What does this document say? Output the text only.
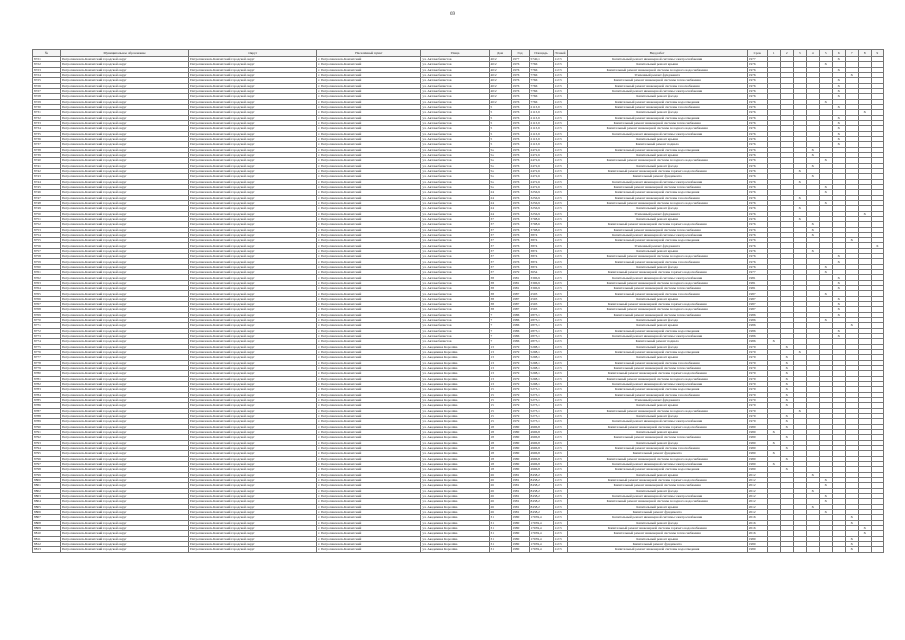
69
№	Муниципальное образование	Округ	Населённый пункт	Улица	Дом	Год	Площадь	Этажей	Вид работ	Срок	1	2	3	4	5	6	7	8	9
8721	Петропавловск-Камчатский городской округ	Петропавловск-Камчатский городской округ	г. Петропавловск-Камчатский	ул. Автомобилистов	40/2	1977	5740,1	1/2/3	Капитальный ремонт инженерной системы электроснабжения	1977						X			
8722	Петропавловск-Камчатский городской округ	Петропавловск-Камчатский городской округ	г. Петропавловск-Камчатский	ул. Автомобилистов	40/2	1976	7766	1/2/3	Капитальный ремонт крыши	1976					X				
8723	Петропавловск-Камчатский городской округ	Петропавловск-Камчатский городской округ	г. Петропавловск-Камчатский	ул. Автомобилистов	40/2	1976	7766	1/2/3	Капитальный ремонт инженерной системы холодного водоснабжения	1976						X			
8724	Петропавловск-Камчатский городской округ	Петропавловск-Камчатский городской округ	г. Петропавловск-Камчатский	ул. Автомобилистов	40/2	1976	7766	1/2/3	Усиленный ремонт фундамента	1976							X		
8725	Петропавловск-Камчатский городской округ	Петропавловск-Камчатский городской округ	г. Петропавловск-Камчатский	ул. Автомобилистов	40/2	1976	7766	1/2/3	Капитальный ремонт инженерной системы теплоснабжения	1976						X			
8726	Петропавловск-Камчатский городской округ	Петропавловск-Камчатский городской округ	г. Петропавловск-Камчатский	ул. Автомобилистов	40/2	1976	7766	1/2/3	Капитальный ремонт инженерной системы газоснабжения	1976						X			
8727	Петропавловск-Камчатский городской округ	Петропавловск-Камчатский городской округ	г. Петропавловск-Камчатский	ул. Автомобилистов	40/2	1976	7766	1/2/3	Капитальный ремонт инженерной системы электроснабжения	1976						X			
8728	Петропавловск-Камчатский городской округ	Петропавловск-Камчатский городской округ	г. Петропавловск-Камчатский	ул. Автомобилистов	40/2	1976	7766	1/2/3	Капитальный ремонт фасада	1976						X			
8729	Петропавловск-Камчатский городской округ	Петропавловск-Камчатский городской округ	г. Петропавловск-Камчатский	ул. Автомобилистов	40/2	1976	7766	1/2/3	Капитальный ремонт инженерной системы водоотведения	1976					X				
8730	Петропавловск-Камчатский городской округ	Петропавловск-Камчатский городской округ	г. Петропавловск-Камчатский	ул. Автомобилистов	5	1976	2113,9	1/2/3	Капитальный ремонт инженерной системы газоснабжения	1976						X			
8731	Петропавловск-Камчатский городской округ	Петропавловск-Камчатский городской округ	г. Петропавловск-Камчатский	ул. Автомобилистов	5	1976	2113,9	1/2/3	Капитальный ремонт фасада	1976								X	
8732	Петропавловск-Камчатский городской округ	Петропавловск-Камчатский городской округ	г. Петропавловск-Камчатский	ул. Автомобилистов	5	1976	2113,9	1/2/3	Капитальный ремонт инженерной системы водоотведения	1976						X			
8733	Петропавловск-Камчатский городской округ	Петропавловск-Камчатский городской округ	г. Петропавловск-Камчатский	ул. Автомобилистов	5	1976	2113,9	1/2/3	Капитальный ремонт инженерной системы теплоснабжения	1976						X			
8734	Петропавловск-Камчатский городской округ	Петропавловск-Камчатский городской округ	г. Петропавловск-Камчатский	ул. Автомобилистов	5	1976	2113,9	1/2/3	Капитальный ремонт инженерной системы холодного водоснабжения	1976						X			
8735	Петропавловск-Камчатский городской округ	Петропавловск-Камчатский городской округ	г. Петропавловск-Камчатский	ул. Автомобилистов	5	1976	2113,9	1/2/3	Капитальный ремонт инженерной системы электроснабжения	1976						X			
8736	Петропавловск-Камчатский городской округ	Петропавловск-Камчатский городской округ	г. Петропавловск-Камчатский	ул. Автомобилистов	5	1976	2113,9	1/2/3	Капитальный ремонт крыши	1976						X			
8737	Петропавловск-Камчатский городской округ	Петропавловск-Камчатский городской округ	г. Петропавловск-Камчатский	ул. Автомобилистов	5	1976	2113,9	1/2/3	Капитальный ремонт подвала	1976						X			
8738	Петропавловск-Камчатский городской округ	Петропавловск-Камчатский городской округ	г. Петропавловск-Камчатский	ул. Автомобилистов	5а	1976	2472,6	1/2/3	Капитальный ремонт инженерной системы водоотведения	1976				X					
8739	Петропавловск-Камчатский городской округ	Петропавловск-Камчатский городской округ	г. Петропавловск-Камчатский	ул. Автомобилистов	5а	1976	2472,6	1/2/3	Капитальный ремонт крыши	1976				X					
8740	Петропавловск-Камчатский городской округ	Петропавловск-Камчатский городской округ	г. Петропавловск-Камчатский	ул. Автомобилистов	5а	1976	2472,6	1/2/3	Капитальный ремонт инженерной системы холодного водоснабжения	1976					X				
8741	Петропавловск-Камчатский городской округ	Петропавловск-Камчатский городской округ	г. Петропавловск-Камчатский	ул. Автомобилистов	5а	1976	2472,6	1/2/3	Капитальный ремонт фасада	1976				X					
8742	Петропавловск-Камчатский городской округ	Петропавловск-Камчатский городской округ	г. Петропавловск-Камчатский	ул. Автомобилистов	5а	1976	2472,6	1/2/3	Капитальный ремонт инженерной системы горячего водоснабжения	1976			X						
8743	Петропавловск-Камчатский городской округ	Петропавловск-Камчатский городской округ	г. Петропавловск-Камчатский	ул. Автомобилистов	5а	1976	2472,6	1/2/3	Капитальный ремонт фундамента	1976				X					
8744	Петропавловск-Камчатский городской округ	Петропавловск-Камчатский городской округ	г. Петропавловск-Камчатский	ул. Автомобилистов	5а	1976	2472,6	1/2/3	Капитальный ремонт инженерной системы электроснабжения	1976			X						
8745	Петропавловск-Камчатский городской округ	Петропавловск-Камчатский городской округ	г. Петропавловск-Камчатский	ул. Автомобилистов	5а	1976	2472,6	1/2/3	Капитальный ремонт инженерной системы теплоснабжения	1976					X				
8746	Петропавловск-Камчатский городской округ	Петропавловск-Камчатский городской округ	г. Петропавловск-Камчатский	ул. Автомобилистов	24	1976	3256,9	1/2/3	Капитальный ремонт инженерной системы водоотведения	1976					X				
8747	Петропавловск-Камчатский городской округ	Петропавловск-Камчатский городской округ	г. Петропавловск-Камчатский	ул. Автомобилистов	24	1976	3256,9	1/2/3	Капитальный ремонт инженерной системы газоснабжения	1976			X						
8748	Петропавловск-Камчатский городской округ	Петропавловск-Камчатский городской округ	г. Петропавловск-Камчатский	ул. Автомобилистов	24	1976	3256,9	1/2/3	Капитальный ремонт инженерной системы холодного водоснабжения	1976					X				
8749	Петропавловск-Камчатский городской округ	Петропавловск-Камчатский городской округ	г. Петропавловск-Камчатский	ул. Автомобилистов	24	1976	3256,9	1/2/3	Капитальный ремонт фасада	1976			X						
8750	Петропавловск-Камчатский городской округ	Петропавловск-Камчатский городской округ	г. Петропавловск-Камчатский	ул. Автомобилистов	24	1976	3256,9	1/2/3	Усиленный ремонт фундамента	1976								X	
8751	Петропавловск-Камчатский городской округ	Петропавловск-Камчатский городской округ	г. Петропавловск-Камчатский	ул. Автомобилистов	37	1976	3798,6	1/2/3	Капитальный ремонт крыши	1976			X						
8752	Петропавловск-Камчатский городской округ	Петропавловск-Камчатский городской округ	г. Петропавловск-Камчатский	ул. Автомобилистов	37	1976	3798,6	1/2/3	Капитальный ремонт инженерной системы горячего водоснабжения	1976				X					
8753	Петропавловск-Камчатский городской округ	Петропавловск-Камчатский городской округ	г. Петропавловск-Камчатский	ул. Автомобилистов	37	1976	3798,6	1/2/3	Капитальный ремонт инженерной системы теплоснабжения	1976				X					
8754	Петропавловск-Камчатский городской округ	Петропавловск-Камчатский городской округ	г. Петропавловск-Камчатский	ул. Автомобилистов	37	1976	3874	1/2/3	Капитальный ремонт инженерной системы электроснабжения	1976				X					
8755	Петропавловск-Камчатский городской округ	Петропавловск-Камчатский городской округ	г. Петропавловск-Камчатский	ул. Автомобилистов	37	1976	3874	1/2/3	Капитальный ремонт инженерной системы водоотведения	1976							X		
8756	Петропавловск-Камчатский городской округ	Петропавловск-Камчатский городской округ	г. Петропавловск-Камчатский	ул. Автомобилистов	37	1976	3874	1/2/3	Усиленный ремонт фундамента	1976									X
8757	Петропавловск-Камчатский городской округ	Петропавловск-Камчатский городской округ	г. Петропавловск-Камчатский	ул. Автомобилистов	37	1976	3874	1/2/3	Капитальный ремонт крыши	1976				X					
8758	Петропавловск-Камчатский городской округ	Петропавловск-Камчатский городской округ	г. Петропавловск-Камчатский	ул. Автомобилистов	37	1976	3874	1/2/3	Капитальный ремонт инженерной системы холодного водоснабжения	1976						X			
8759	Петропавловск-Камчатский городской округ	Петропавловск-Камчатский городской округ	г. Петропавловск-Камчатский	ул. Автомобилистов	37	1976	3874	1/2/3	Капитальный ремонт инженерной системы газоснабжения	1976						X			
8760	Петропавловск-Камчатский городской округ	Петропавловск-Камчатский городской округ	г. Петропавловск-Камчатский	ул. Автомобилистов	37	1976	3874	1/2/3	Капитальный ремонт фасада	1976					X				
8761	Петропавловск-Камчатский городской округ	Петропавловск-Камчатский городской округ	г. Петропавловск-Камчатский	ул. Автомобилистов	37	1979	3654	1/2/3	Капитальный ремонт инженерной системы горячего водоснабжения	1977					X				
8762	Петропавловск-Камчатский городской округ	Петропавловск-Камчатский городской округ	г. Петропавловск-Камчатский	ул. Автомобилистов	38	1981	3396,9	1/2/3	Капитальный ремонт инженерной системы электроснабжения	1981						X			
8763	Петропавловск-Камчатский городской округ	Петропавловск-Камчатский городской округ	г. Петропавловск-Камчатский	ул. Автомобилистов	38	1981	3396,9	1/2/3	Капитальный ремонт инженерной системы холодного водоснабжения	1981						X			
8764	Петропавловск-Камчатский городской округ	Петропавловск-Камчатский городской округ	г. Петропавловск-Камчатский	ул. Автомобилистов	38	1981	3396,9	1/2/3	Капитальный ремонт инженерной системы теплоснабжения	1981						X			
8765	Петропавловск-Камчатский городской округ	Петропавловск-Камчатский городской округ	г. Петропавловск-Камчатский	ул. Автомобилистов	38	1987	2503	1/2/3	Капитальный ремонт инженерной системы газоснабжения	1987					X				
8766	Петропавловск-Камчатский городской округ	Петропавловск-Камчатский городской округ	г. Петропавловск-Камчатский	ул. Автомобилистов	38	1987	2503	1/2/3	Капитальный ремонт крыши	1987						X			
8767	Петропавловск-Камчатский городской округ	Петропавловск-Камчатский городской округ	г. Петропавловск-Камчатский	ул. Автомобилистов	38	1987	2503	1/2/3	Капитальный ремонт инженерной системы горячего водоснабжения	1987						X			
8768	Петропавловск-Камчатский городской округ	Петропавловск-Камчатский городской округ	г. Петропавловск-Камчатский	ул. Автомобилистов	38	1987	2503	1/2/3	Капитальный ремонт инженерной системы холодного водоснабжения	1987						X			
8769	Петропавловск-Камчатский городской округ	Петропавловск-Камчатский городской округ	г. Петропавловск-Камчатский	ул. Автомобилистов	7	1986	2873,1	1/2/3	Капитальный ремонт инженерной системы теплоснабжения	1986						X			
8770	Петропавловск-Камчатский городской округ	Петропавловск-Камчатский городской округ	г. Петропавловск-Камчатский	ул. Автомобилистов	7	1986	2873,1	1/2/3	Капитальный ремонт фасада	1986					X				
8771	Петропавловск-Камчатский городской округ	Петропавловск-Камчатский городской округ	г. Петропавловск-Камчатский	ул. Автомобилистов	7	1986	2873,1	1/2/3	Капитальный ремонт крыши	1986							X		
8772	Петропавловск-Камчатский городской округ	Петропавловск-Камчатский городской округ	г. Петропавловск-Камчатский	ул. Автомобилистов	7	1986	2873,1	1/2/3	Капитальный ремонт инженерной системы водоотведения	1986						X			
8773	Петропавловск-Камчатский городской округ	Петропавловск-Камчатский городской округ	г. Петропавловск-Камчатский	ул. Автомобилистов	7	1986	2873,1	1/2/3	Капитальный ремонт инженерной системы электроснабжения	1986						X			
8774	Петропавловск-Камчатский городской округ	Петропавловск-Камчатский городской округ	г. Петропавловск-Камчатский	ул. Автомобилистов	7	1986	2873,1	1/2/3	Капитальный ремонт подвала	1986	X								
8775	Петропавловск-Камчатский городской округ	Петропавловск-Камчатский городской округ	г. Петропавловск-Камчатский	ул. Академика Королёва	13	1979	5298,1	1/2/3	Капитальный ремонт фасада	1979		X							
8776	Петропавловск-Камчатский городской округ	Петропавловск-Камчатский городской округ	г. Петропавловск-Камчатский	ул. Академика Королёва	13	1979	5298,1	1/2/3	Капитальный ремонт инженерной системы водоотведения	1979			X						
8777	Петропавловск-Камчатский городской округ	Петропавловск-Камчатский городской округ	г. Петропавловск-Камчатский	ул. Академика Королёва	13	1979	5298,1	1/2/3	Капитальный ремонт крыши	1979		X							
8778	Петропавловск-Камчатский городской округ	Петропавловск-Камчатский городской округ	г. Петропавловск-Камчатский	ул. Академика Королёва	13	1979	5298,1	1/2/3	Капитальный ремонт инженерной системы газоснабжения	1979		X							
8779	Петропавловск-Камчатский городской округ	Петропавловск-Камчатский городской округ	г. Петропавловск-Камчатский	ул. Академика Королёва	13	1979	5298,1	1/2/3	Капитальный ремонт инженерной системы теплоснабжения	1979		X							
8780	Петропавловск-Камчатский городской округ	Петропавловск-Камчатский городской округ	г. Петропавловск-Камчатский	ул. Академика Королёва	13	1979	5298,1	1/2/3	Капитальный ремонт инженерной системы горячего водоснабжения	1979		X							
8781	Петропавловск-Камчатский городской округ	Петропавловск-Камчатский городской округ	г. Петропавловск-Камчатский	ул. Академика Королёва	13	1979	5298,1	1/2/3	Капитальный ремонт инженерной системы холодного водоснабжения	1979		X							
8782	Петропавловск-Камчатский городской округ	Петропавловск-Камчатский городской округ	г. Петропавловск-Камчатский	ул. Академика Королёва	13	1979	5298,1	1/2/3	Капитальный ремонт инженерной системы электроснабжения	1979		X							
8783	Петропавловск-Камчатский городской округ	Петропавловск-Камчатский городской округ	г. Петропавловск-Камчатский	ул. Академика Королёва	15	1979	5273,1	1/2/3	Капитальный ремонт инженерной системы водоотведения	1979		X							
8784	Петропавловск-Камчатский городской округ	Петропавловск-Камчатский городской округ	г. Петропавловск-Камчатский	ул. Академика Королёва	15	1979	5273,1	1/2/3	Капитальный ремонт инженерной системы газоснабжения	1979		X							
8785	Петропавловск-Камчатский городской округ	Петропавловск-Камчатский городской округ	г. Петропавловск-Камчатский	ул. Академика Королёва	15	1979	5273,1	1/2/3	Усиленный ремонт фундамента	1979		X							
8786	Петропавловск-Камчатский городской округ	Петропавловск-Камчатский городской округ	г. Петропавловск-Камчатский	ул. Академика Королёва	15	1979	5273,1	1/2/3	Капитальный ремонт крыши	1979		X							
8787	Петропавловск-Камчатский городской округ	Петропавловск-Камчатский городской округ	г. Петропавловск-Камчатский	ул. Академика Королёва	15	1979	5273,1	1/2/3	Капитальный ремонт инженерной системы холодного водоснабжения	1979			X						
8788	Петропавловск-Камчатский городской округ	Петропавловск-Камчатский городской округ	г. Петропавловск-Камчатский	ул. Академика Королёва	15	1979	5273,1	1/2/3	Капитальный ремонт фасада	1979		X							
8789	Петропавловск-Камчатский городской округ	Петропавловск-Камчатский городской округ	г. Петропавловск-Камчатский	ул. Академика Королёва	15	1979	5273,1	1/2/3	Капитальный ремонт инженерной системы электроснабжения	1979		X							
8790	Петропавловск-Камчатский городской округ	Петропавловск-Камчатский городской округ	г. Петропавловск-Камчатский	ул. Академика Королёва	18	1980	4996,8	1/2/3	Капитальный ремонт инженерной системы горячего водоснабжения	1980		X							
8791	Петропавловск-Камчатский городской округ	Петропавловск-Камчатский городской округ	г. Петропавловск-Камчатский	ул. Академика Королёва	18	1980	4996,8	1/2/3	Капитальный ремонт крыши	1980	X								
8792	Петропавловск-Камчатский городской округ	Петропавловск-Камчатский городской округ	г. Петропавловск-Камчатский	ул. Академика Королёва	18	1980	4996,8	1/2/3	Капитальный ремонт инженерной системы теплоснабжения	1980		X							
8793	Петропавловск-Камчатский городской округ	Петропавловск-Камчатский городской округ	г. Петропавловск-Камчатский	ул. Академика Королёва	18	1980	4996,8	1/2/3	Капитальный ремонт фасада	1980	X								
8794	Петропавловск-Камчатский городской округ	Петропавловск-Камчатский городской округ	г. Петропавловск-Камчатский	ул. Академика Королёва	18	1980	4996,8	1/2/3	Капитальный ремонт инженерной системы газоснабжения	1980		X							
8795	Петропавловск-Камчатский городской округ	Петропавловск-Камчатский городской округ	г. Петропавловск-Камчатский	ул. Академика Королёва	18	1980	4996,8	1/2/3	Капитальный ремонт фундамента	1980	X								
8796	Петропавловск-Камчатский городской округ	Петропавловск-Камчатский городской округ	г. Петропавловск-Камчатский	ул. Академика Королёва	18	1980	4996,8	1/2/3	Капитальный ремонт инженерной системы холодного водоснабжения	1980		X							
8797	Петропавловск-Камчатский городской округ	Петропавловск-Камчатский городской округ	г. Петропавловск-Камчатский	ул. Академика Королёва	18	1980	4996,8	1/2/3	Капитальный ремонт инженерной системы электроснабжения	1980	X								
8798	Петропавловск-Камчатский городской округ	Петропавловск-Камчатский городской округ	г. Петропавловск-Камчатский	ул. Академика Королёва	18	1980	4996,8	1/2/3	Капитальный ремонт инженерной системы водоотведения	1980		X							
8799	Петропавловск-Камчатский городской округ	Петропавловск-Камчатский городской округ	г. Петропавловск-Камчатский	ул. Академика Королёва	26	1981	8438,2	1/2/3	Капитальный ремонт крыши	2012				X					
8800	Петропавловск-Камчатский городской округ	Петропавловск-Камчатский городской округ	г. Петропавловск-Камчатский	ул. Академика Королёва	26	1981	8438,2	1/2/3	Капитальный ремонт инженерной системы горячего водоснабжения	2012					X				
8801	Петропавловск-Камчатский городской округ	Петропавловск-Камчатский городской округ	г. Петропавловск-Камчатский	ул. Академика Королёва	26	1981	8438,2	1/2/3	Капитальный ремонт инженерной системы теплоснабжения	2012					X				
8802	Петропавловск-Камчатский городской округ	Петропавловск-Камчатский городской округ	г. Петропавловск-Камчатский	ул. Академика Королёва	26	1981	8438,2	1/2/3	Капитальный ремонт фасада	2012				X					
8803	Петропавловск-Камчатский городской округ	Петропавловск-Камчатский городской округ	г. Петропавловск-Камчатский	ул. Академика Королёва	26	1981	8438,2	1/2/3	Капитальный ремонт инженерной системы электроснабжения	2012					X				
8804	Петропавловск-Камчатский городской округ	Петропавловск-Камчатский городской округ	г. Петропавловск-Камчатский	ул. Академика Королёва	26	1981	8438,2	1/2/3	Капитальный ремонт инженерной системы холодного водоснабжения	2012					X				
8805	Петропавловск-Камчатский городской округ	Петропавловск-Камчатский городской округ	г. Петропавловск-Камчатский	ул. Академика Королёва	26	1981	8438,2	1/2/3	Капитальный ремонт крыши	2012				X					
8806	Петропавловск-Камчатский городской округ	Петропавловск-Камчатский городской округ	г. Петропавловск-Камчатский	ул. Академика Королёва	26	1981	8438,2	1/2/3	Капитальный ремонт фундамента	2012					X				
8807	Петропавловск-Камчатский городской округ	Петропавловск-Камчатский городской округ	г. Петропавловск-Камчатский	ул. Академика Королёва	31	1980	17039,4	1/2/3	Капитальный ремонт инженерной системы электроснабжения	2016							X		
8808	Петропавловск-Камчатский городской округ	Петропавловск-Камчатский городской округ	г. Петропавловск-Камчатский	ул. Академика Королёва	31	1980	17039,4	1/2/3	Капитальный ремонт фасада	2016							X		
8809	Петропавловск-Камчатский городской округ	Петропавловск-Камчатский городской округ	г. Петропавловск-Камчатский	ул. Академика Королёва	31	1980	17039,4	1/2/3	Капитальный ремонт инженерной системы горячего водоснабжения	2016								X	
8810	Петропавловск-Камчатский городской округ	Петропавловск-Камчатский городской округ	г. Петропавловск-Камчатский	ул. Академика Королёва	31	1980	17039,4	1/2/3	Капитальный ремонт инженерной системы теплоснабжения	2016								X	
8811	Петропавловск-Камчатский городской округ	Петропавловск-Камчатский городской округ	г. Петропавловск-Камчатский	ул. Академика Королёва	31	1980	17039,4	1/2/3	Капитальный ремонт крыши	1980							X		
8812	Петропавловск-Камчатский городской округ	Петропавловск-Камчатский городской округ	г. Петропавловск-Камчатский	ул. Академика Королёва	31	1980	17039,4	1/2/3	Капитальный ремонт фундамента	1980							X		
8813	Петропавловск-Камчатский городской округ	Петропавловск-Камчатский городской округ	г. Петропавловск-Камчатский	ул. Академика Королёва	31	1980	17039,4	1/2/3	Капитальный ремонт инженерной системы водоотведения	1980							X		
